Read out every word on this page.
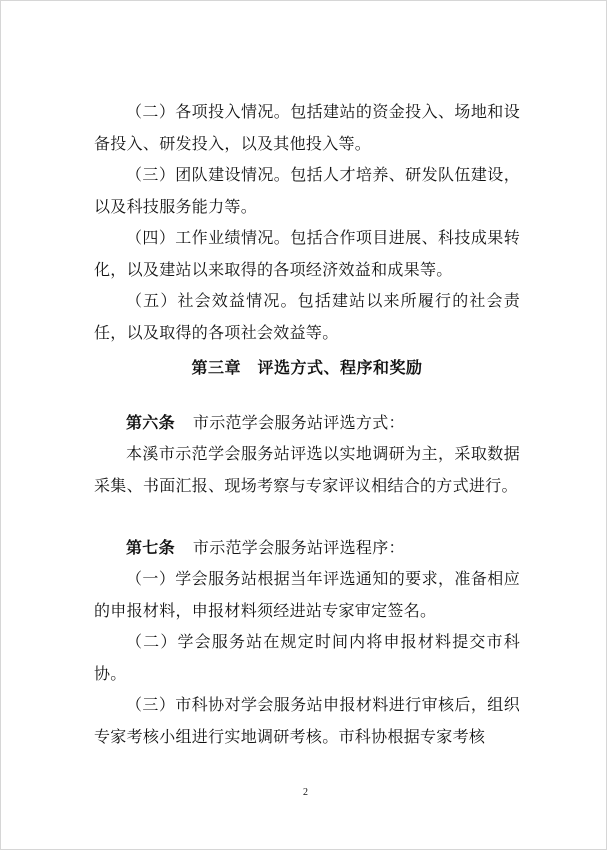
（二）各项投入情况。包括建站的资金投入、场地和设备投入、研发投入，以及其他投入等。

（三）团队建设情况。包括人才培养、研发队伍建设，以及科技服务能力等。

（四）工作业绩情况。包括合作项目进展、科技成果转化，以及建站以来取得的各项经济效益和成果等。

（五）社会效益情况。包括建站以来所履行的社会责任，以及取得的各项社会效益等。

第三章　评选方式、程序和奖励

第六条 市示范学会服务站评选方式：

本溪市示范学会服务站评选以实地调研为主，采取数据采集、书面汇报、现场考察与专家评议相结合的方式进行。

第七条 市示范学会服务站评选程序：

（一）学会服务站根据当年评选通知的要求，准备相应的申报材料，申报材料须经进站专家审定签名。

（二）学会服务站在规定时间内将申报材料提交市科协。

（三）市科协对学会服务站申报材料进行审核后，组织专家考核小组进行实地调研考核。市科协根据专家考核

2
